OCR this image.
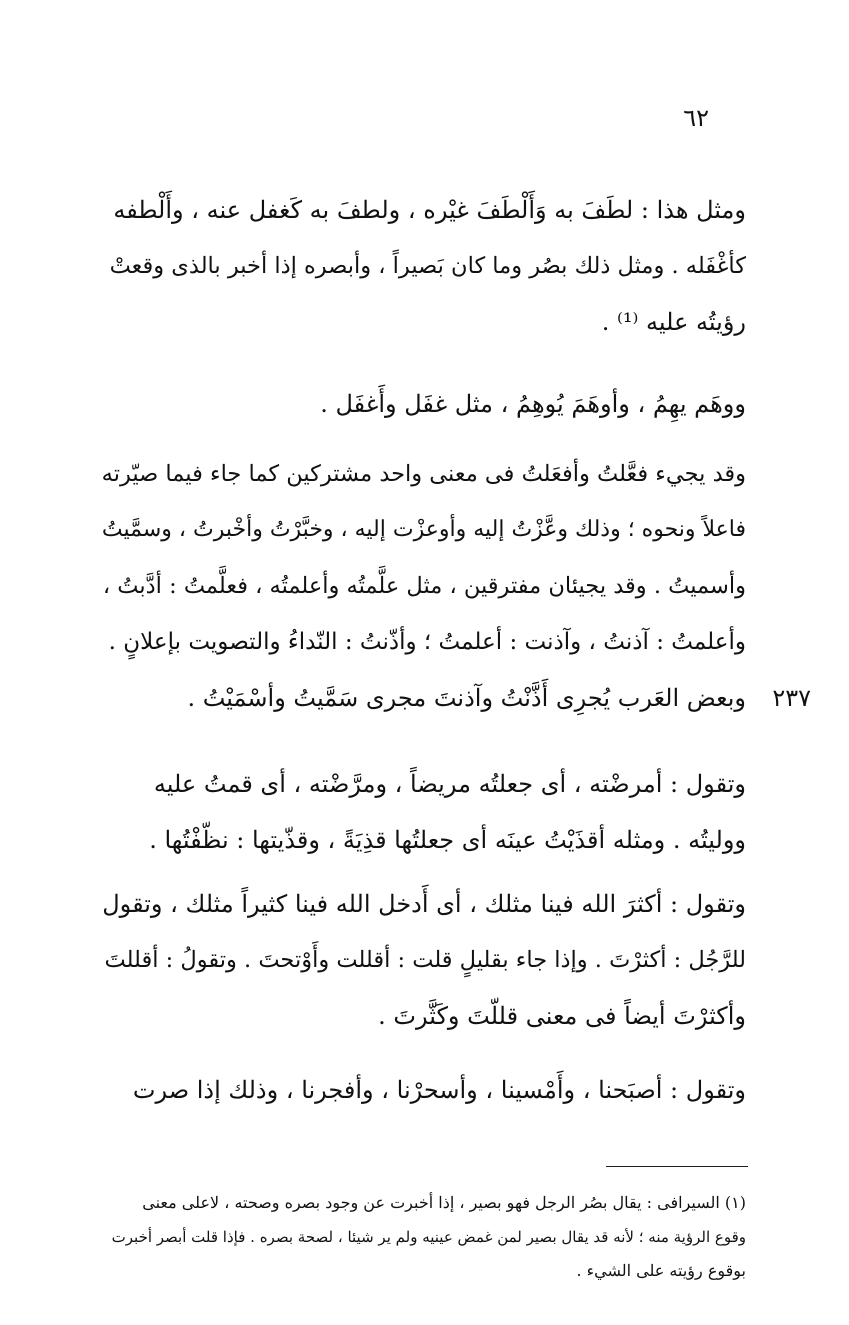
٦٢
ومثل هذا : لطَفَ به وَأَلْطَفَ غيْره ، ولطفَ به كَغفل عنه ، وأَلْطفه
كأغْفَله . ومثل ذلك بصُر وما كان بَصيراً ، وأبصره إذا أخبر بالذى وقعتْ
رؤيتُه عليه ⁽¹⁾ .
ووهَم يهِمُ ، وأوهَمَ يُوهِمُ ، مثل غفَل وأَغفَل .
وقد يجيء فعَّلتُ وأفعَلتُ فى معنى واحد مشتركين كما جاء فيما صيّرته
فاعلاً ونحوه ؛ وذلك وعَّزْتُ إليه وأوعزْت إليه ، وخبَّرْتُ وأخْبرتُ ، وسمَّيتُ
وأسميتُ . وقد يجيئان مفترقين ، مثل علَّمتُه وأعلمتُه ، فعلَّمتُ : أدَّبتُ ،
وأعلمتُ : آذنتُ ، وآذنت : أعلمتُ ؛ وأذّنتُ : النّداءُ والتصويت بإعلانٍ .
وبعض العَرب يُجرِى أَذَّنْتُ وآذنتَ مجرى سَمَّيتُ وأسْمَيْتُ . ٢٣٧
وتقول : أمرضْته ، أى جعلتُه مريضاً ، ومرَّضْته ، أى قمتُ عليه
ووليتُه . ومثله أقذَيْتُ عينَه أى جعلتُها قذِيَةً ، وقذّيتها : نظّفْتُها .
وتقول : أكثرَ الله فينا مثلك ، أى أَدخل الله فينا كثيراً مثلك ، وتقول
للرَّجُل : أكثرْتَ . وإذا جاء بقليلٍ قلت : أقللت وأَوْتحتَ . وتقولُ : أقللتَ
وأكثرْتَ أيضاً فى معنى قللّتَ وكَثَّرتَ .
وتقول : أصبَحنا ، وأَمْسينا ، وأسحرْنا ، وأفجرنا ، وذلك إذا صرت
(١) السيرافى : يقال بصُر الرجل فهو بصير ، إذا أخبرت عن وجود بصره وصحته ، لاعلى معنى
وقوع الرؤية منه ؛ لأنه قد يقال بصير لمن غمض عينيه ولم ير شيئا ، لصحة بصره . فإذا قلت أبصر أخبرت
بوقوع رؤيته على الشيء .
